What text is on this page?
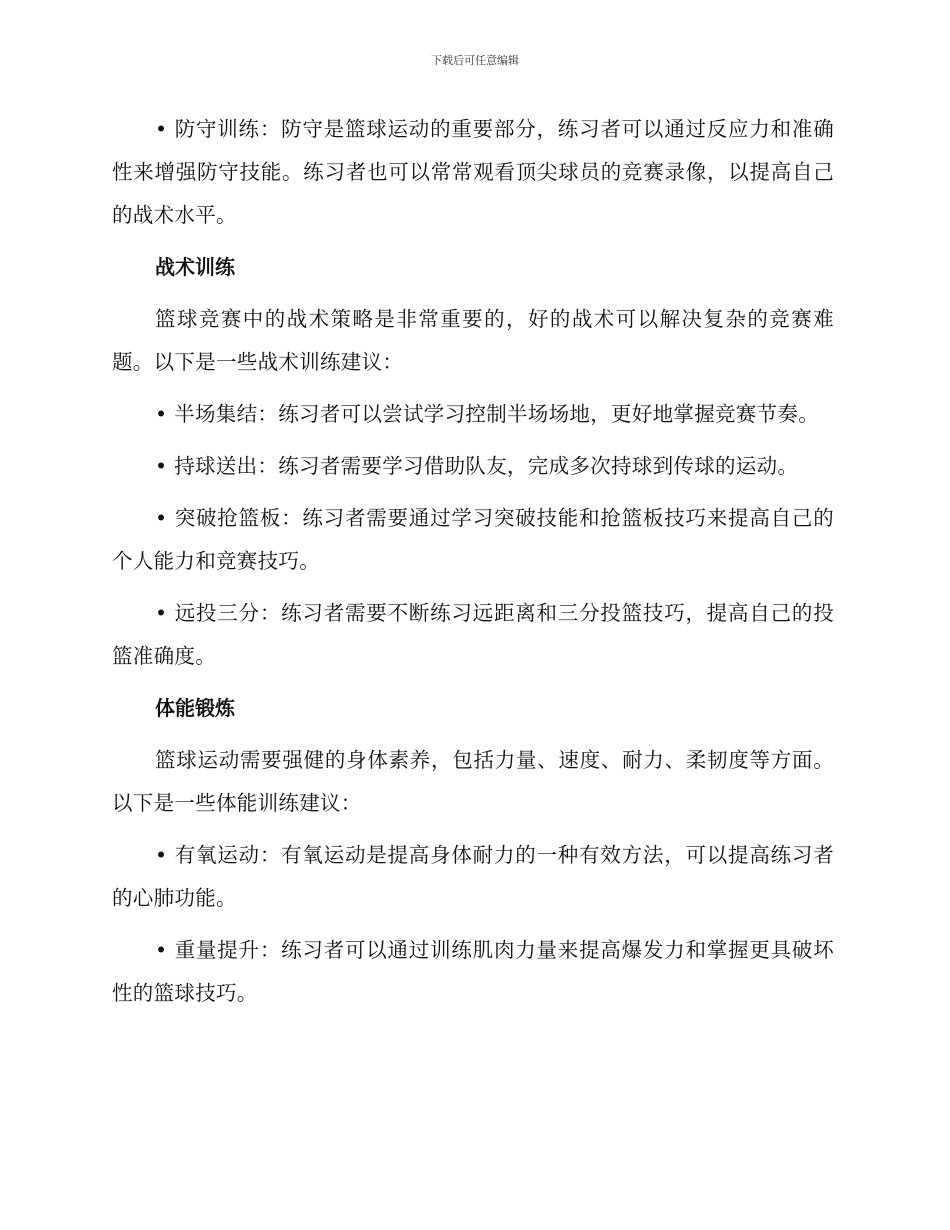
下载后可任意编辑

• 防守训练：防守是篮球运动的重要部分，练习者可以通过反应力和准确性来增强防守技能。练习者也可以常常观看顶尖球员的竞赛录像，以提高自己的战术水平。

战术训练

篮球竞赛中的战术策略是非常重要的，好的战术可以解决复杂的竞赛难题。以下是一些战术训练建议：

• 半场集结：练习者可以尝试学习控制半场场地，更好地掌握竞赛节奏。

• 持球送出：练习者需要学习借助队友，完成多次持球到传球的运动。

• 突破抢篮板：练习者需要通过学习突破技能和抢篮板技巧来提高自己的个人能力和竞赛技巧。

• 远投三分：练习者需要不断练习远距离和三分投篮技巧，提高自己的投篮准确度。

体能锻炼

篮球运动需要强健的身体素养，包括力量、速度、耐力、柔韧度等方面。以下是一些体能训练建议：

• 有氧运动：有氧运动是提高身体耐力的一种有效方法，可以提高练习者的心肺功能。

• 重量提升：练习者可以通过训练肌肉力量来提高爆发力和掌握更具破坏性的篮球技巧。
